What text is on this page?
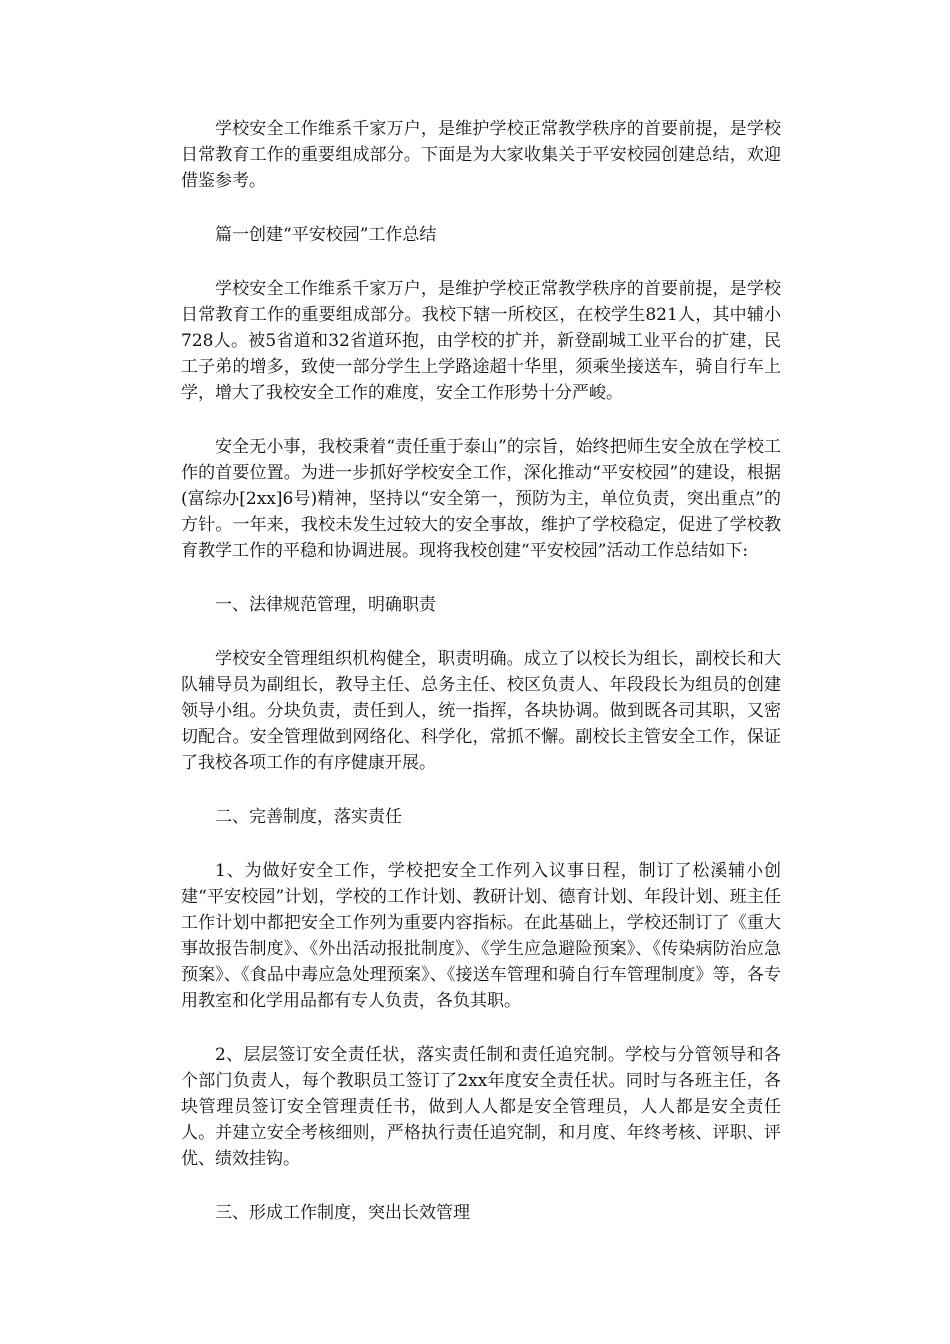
学校安全工作维系千家万户，是维护学校正常教学秩序的首要前提，是学校日常教育工作的重要组成部分。下面是为大家收集关于平安校园创建总结，欢迎借鉴参考。

篇一创建“平安校园”工作总结

学校安全工作维系千家万户，是维护学校正常教学秩序的首要前提，是学校日常教育工作的重要组成部分。我校下辖一所校区，在校学生821人，其中辅小728人。被5省道和32省道环抱，由学校的扩并，新登副城工业平台的扩建，民工子弟的增多，致使一部分学生上学路途超十华里，须乘坐接送车，骑自行车上学，增大了我校安全工作的难度，安全工作形势十分严峻。

安全无小事，我校秉着“责任重于泰山”的宗旨，始终把师生安全放在学校工作的首要位置。为进一步抓好学校安全工作，深化推动“平安校园”的建设，根据(富综办[2xx]6号)精神，坚持以“安全第一，预防为主，单位负责，突出重点”的方针。一年来，我校未发生过较大的安全事故，维护了学校稳定，促进了学校教育教学工作的平稳和协调进展。现将我校创建“平安校园”活动工作总结如下:

一、法律规范管理，明确职责

学校安全管理组织机构健全，职责明确。成立了以校长为组长，副校长和大队辅导员为副组长，教导主任、总务主任、校区负责人、年段段长为组员的创建领导小组。分块负责，责任到人，统一指挥，各块协调。做到既各司其职，又密切配合。安全管理做到网络化、科学化，常抓不懈。副校长主管安全工作，保证了我校各项工作的有序健康开展。

二、完善制度，落实责任

1、为做好安全工作，学校把安全工作列入议事日程，制订了松溪辅小创建“平安校园”计划，学校的工作计划、教研计划、德育计划、年段计划、班主任工作计划中都把安全工作列为重要内容指标。在此基础上，学校还制订了《重大事故报告制度》、《外出活动报批制度》、《学生应急避险预案》、《传染病防治应急预案》、《食品中毒应急处理预案》、《接送车管理和骑自行车管理制度》等，各专用教室和化学用品都有专人负责，各负其职。

2、层层签订安全责任状，落实责任制和责任追究制。学校与分管领导和各个部门负责人，每个教职员工签订了2xx年度安全责任状。同时与各班主任，各块管理员签订安全管理责任书，做到人人都是安全管理员，人人都是安全责任人。并建立安全考核细则，严格执行责任追究制，和月度、年终考核、评职、评优、绩效挂钩。

三、形成工作制度，突出长效管理
